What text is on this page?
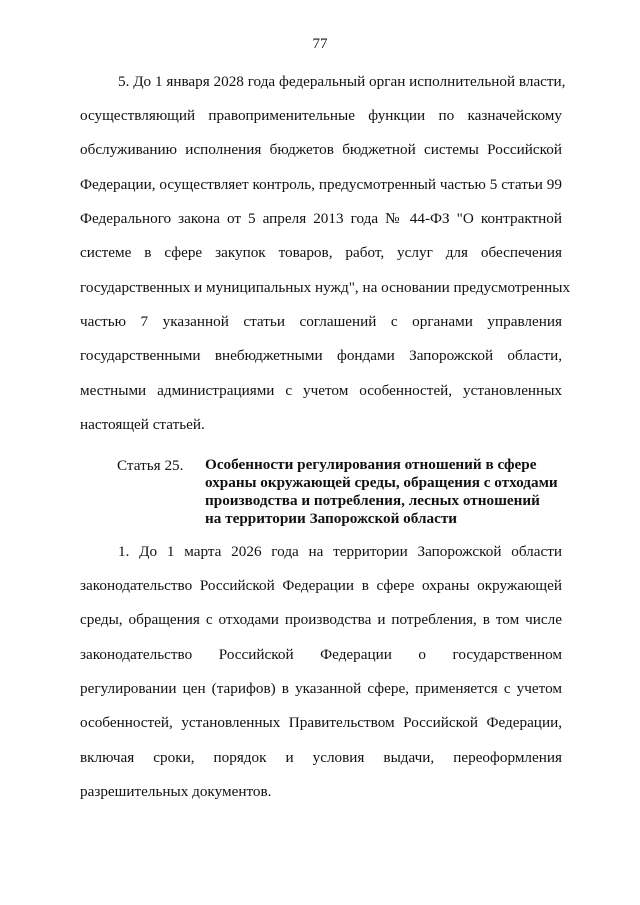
77
5. До 1 января 2028 года федеральный орган исполнительной власти,
осуществляющий правоприменительные функции по казначейскому
обслуживанию исполнения бюджетов бюджетной системы Российской
Федерации, осуществляет контроль, предусмотренный частью 5 статьи 99
Федерального закона от 5 апреля 2013 года № 44-ФЗ "О контрактной
системе в сфере закупок товаров, работ, услуг для обеспечения
государственных и муниципальных нужд", на основании предусмотренных
частью 7 указанной статьи соглашений с органами управления
государственными внебюджетными фондами Запорожской области,
местными администрациями с учетом особенностей, установленных
настоящей статьей.
Статья 25. Особенности регулирования отношений в сфере
охраны окружающей среды, обращения с отходами
производства и потребления, лесных отношений
на территории Запорожской области
1. До 1 марта 2026 года на территории Запорожской области
законодательство Российской Федерации в сфере охраны окружающей
среды, обращения с отходами производства и потребления, в том числе
законодательство Российской Федерации о государственном
регулировании цен (тарифов) в указанной сфере, применяется с учетом
особенностей, установленных Правительством Российской Федерации,
включая сроки, порядок и условия выдачи, переоформления
разрешительных документов.
